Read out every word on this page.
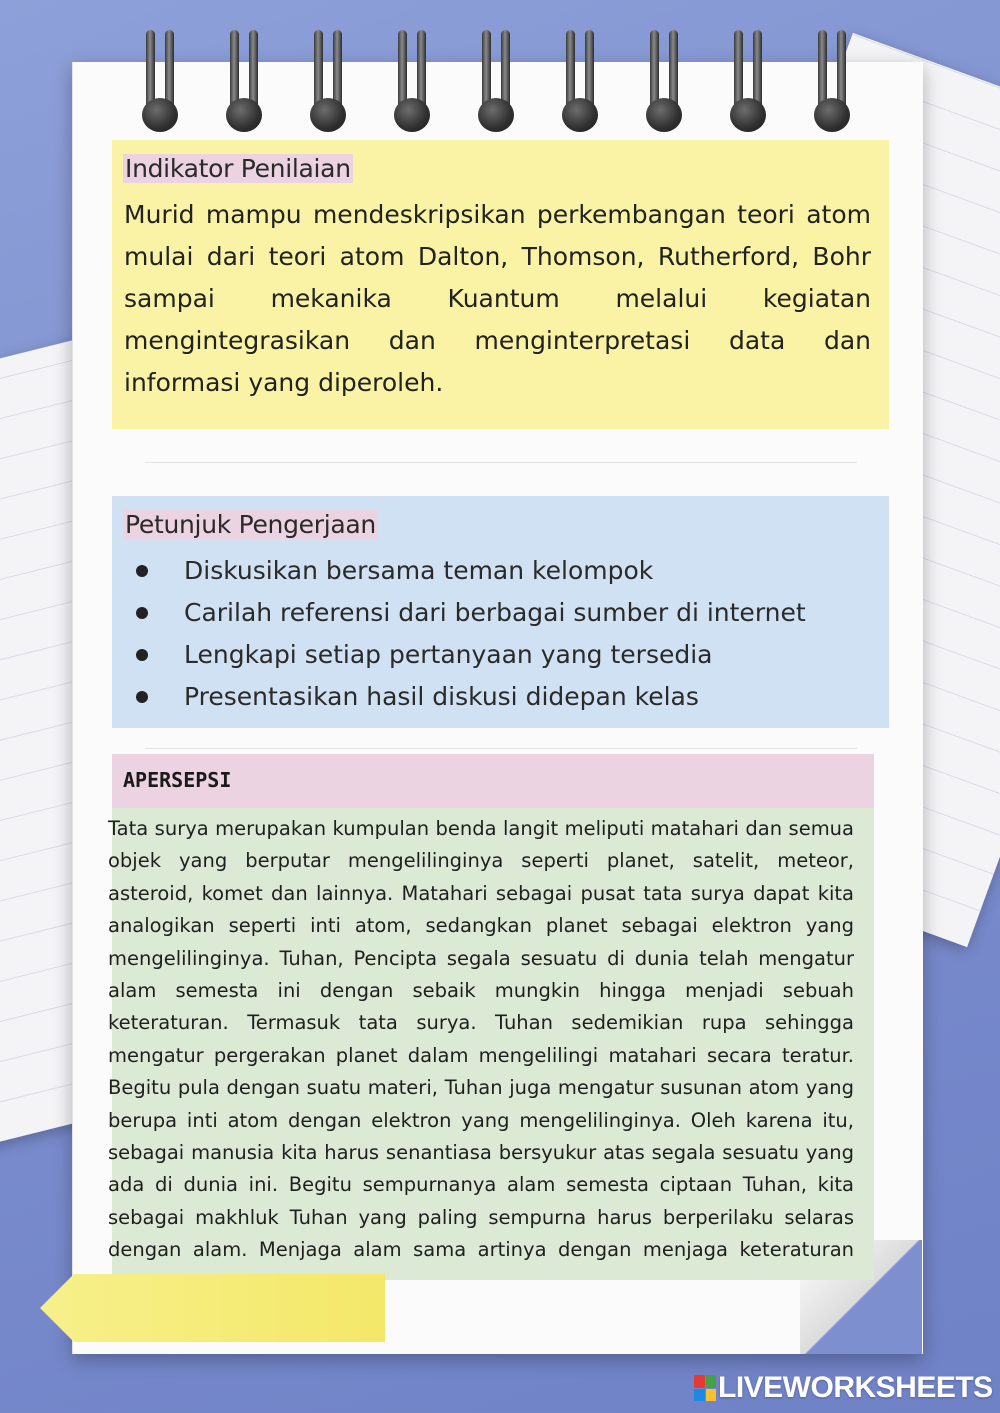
Indikator Penilaian

Murid mampu mendeskripsikan perkembangan teori atom mulai dari teori atom Dalton, Thomson, Rutherford, Bohr sampai mekanika Kuantum melalui kegiatan mengintegrasikan dan menginterpretasi data dan informasi yang diperoleh.

Petunjuk Pengerjaan
Diskusikan bersama teman kelompok
Carilah referensi dari berbagai sumber di internet
Lengkapi setiap pertanyaan yang tersedia
Presentasikan hasil diskusi didepan kelas
APERSEPSI

Tata surya merupakan kumpulan benda langit meliputi matahari dan semua objek yang berputar mengelilinginya seperti planet, satelit, meteor, asteroid, komet dan lainnya. Matahari sebagai pusat tata surya dapat kita analogikan seperti inti atom, sedangkan planet sebagai elektron yang mengelilinginya. Tuhan, Pencipta segala sesuatu di dunia telah mengatur alam semesta ini dengan sebaik mungkin hingga menjadi sebuah keteraturan. Termasuk tata surya. Tuhan sedemikian rupa sehingga mengatur pergerakan planet dalam mengelilingi matahari secara teratur. Begitu pula dengan suatu materi, Tuhan juga mengatur susunan atom yang berupa inti atom dengan elektron yang mengelilinginya. Oleh karena itu, sebagai manusia kita harus senantiasa bersyukur atas segala sesuatu yang ada di dunia ini. Begitu sempurnanya alam semesta ciptaan Tuhan, kita sebagai makhluk Tuhan yang paling sempurna harus berperilaku selaras dengan alam. Menjaga alam sama artinya dengan menjaga keteraturan

LIVEWORKSHEETS
